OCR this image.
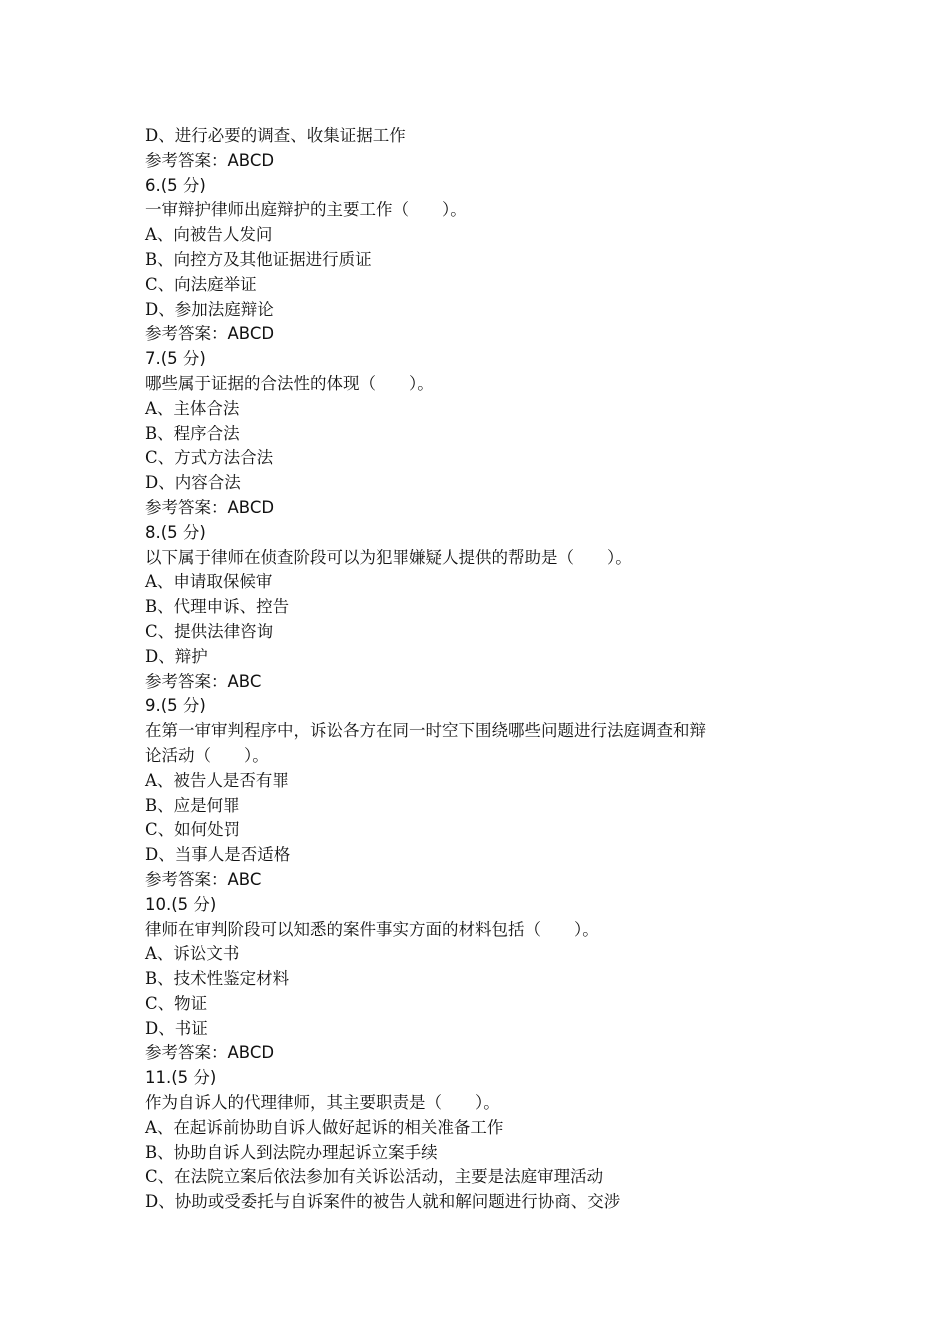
D、进行必要的调查、收集证据工作
参考答案：ABCD
6.(5 分)
一审辩护律师出庭辩护的主要工作（　　）。
A、向被告人发问
B、向控方及其他证据进行质证
C、向法庭举证
D、参加法庭辩论
参考答案：ABCD
7.(5 分)
哪些属于证据的合法性的体现（　　）。
A、主体合法
B、程序合法
C、方式方法合法
D、内容合法
参考答案：ABCD
8.(5 分)
以下属于律师在侦查阶段可以为犯罪嫌疑人提供的帮助是（　　）。
A、申请取保候审
B、代理申诉、控告
C、提供法律咨询
D、辩护
参考答案：ABC
9.(5 分)
在第一审审判程序中，诉讼各方在同一时空下围绕哪些问题进行法庭调查和辩
论活动（　　）。
A、被告人是否有罪
B、应是何罪
C、如何处罚
D、当事人是否适格
参考答案：ABC
10.(5 分)
律师在审判阶段可以知悉的案件事实方面的材料包括（　　）。
A、诉讼文书
B、技术性鉴定材料
C、物证
D、书证
参考答案：ABCD
11.(5 分)
作为自诉人的代理律师，其主要职责是（　　）。
A、在起诉前协助自诉人做好起诉的相关准备工作
B、协助自诉人到法院办理起诉立案手续
C、在法院立案后依法参加有关诉讼活动，主要是法庭审理活动
D、协助或受委托与自诉案件的被告人就和解问题进行协商、交涉
